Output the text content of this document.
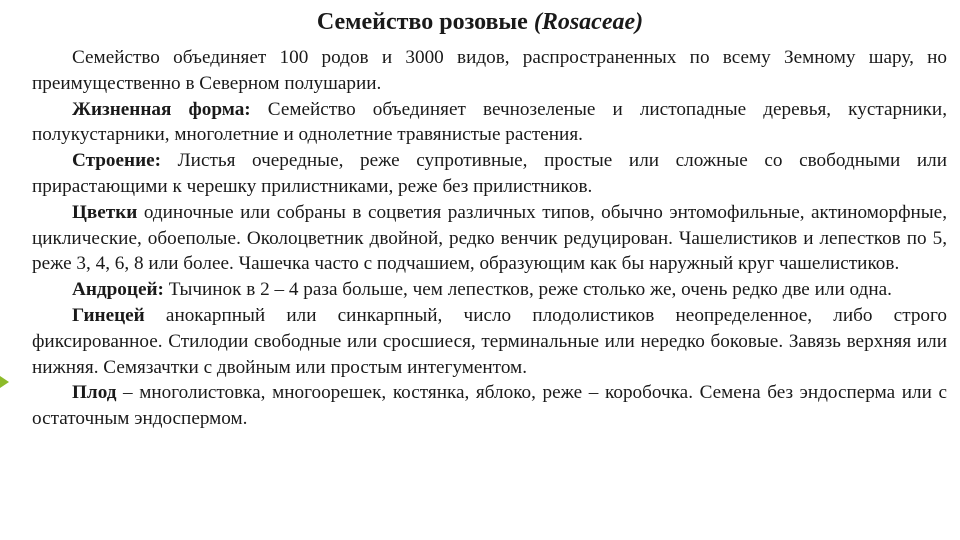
Семейство розовые (Rosaceae)

Семейство объединяет 100 родов и 3000 видов, распространенных по всему Земному шару, но преимущественно в Северном полушарии.

Жизненная форма: Семейство объединяет вечнозеленые и листопадные деревья, кустарники, полукустарники, многолетние и однолетние травянистые растения.

Строение: Листья очередные, реже супротивные, простые или сложные со свободными или прирастающими к черешку прилистниками, реже без прилистников.

Цветки одиночные или собраны в соцветия различных типов, обычно энтомофильные, актиноморфные, циклические, обоеполые. Околоцветник двойной, редко венчик редуцирован. Чашелистиков и лепестков по 5, реже 3, 4, 6, 8 или более. Чашечка часто с подчашием, образующим как бы наружный круг чашелистиков.

Андроцей: Тычинок в 2 – 4 раза больше, чем лепестков, реже столько же, очень редко две или одна.

Гинецей анокарпный или синкарпный, число плодолистиков неопределенное, либо строго фиксированное. Стилодии свободные или сросшиеся, терминальные или нередко боковые. Завязь верхняя или нижняя. Семязачтки с двойным или простым интегументом.

Плод – многолистовка, многоорешек, костянка, яблоко, реже – коробочка. Семена без эндосперма или с остаточным эндоспермом.
